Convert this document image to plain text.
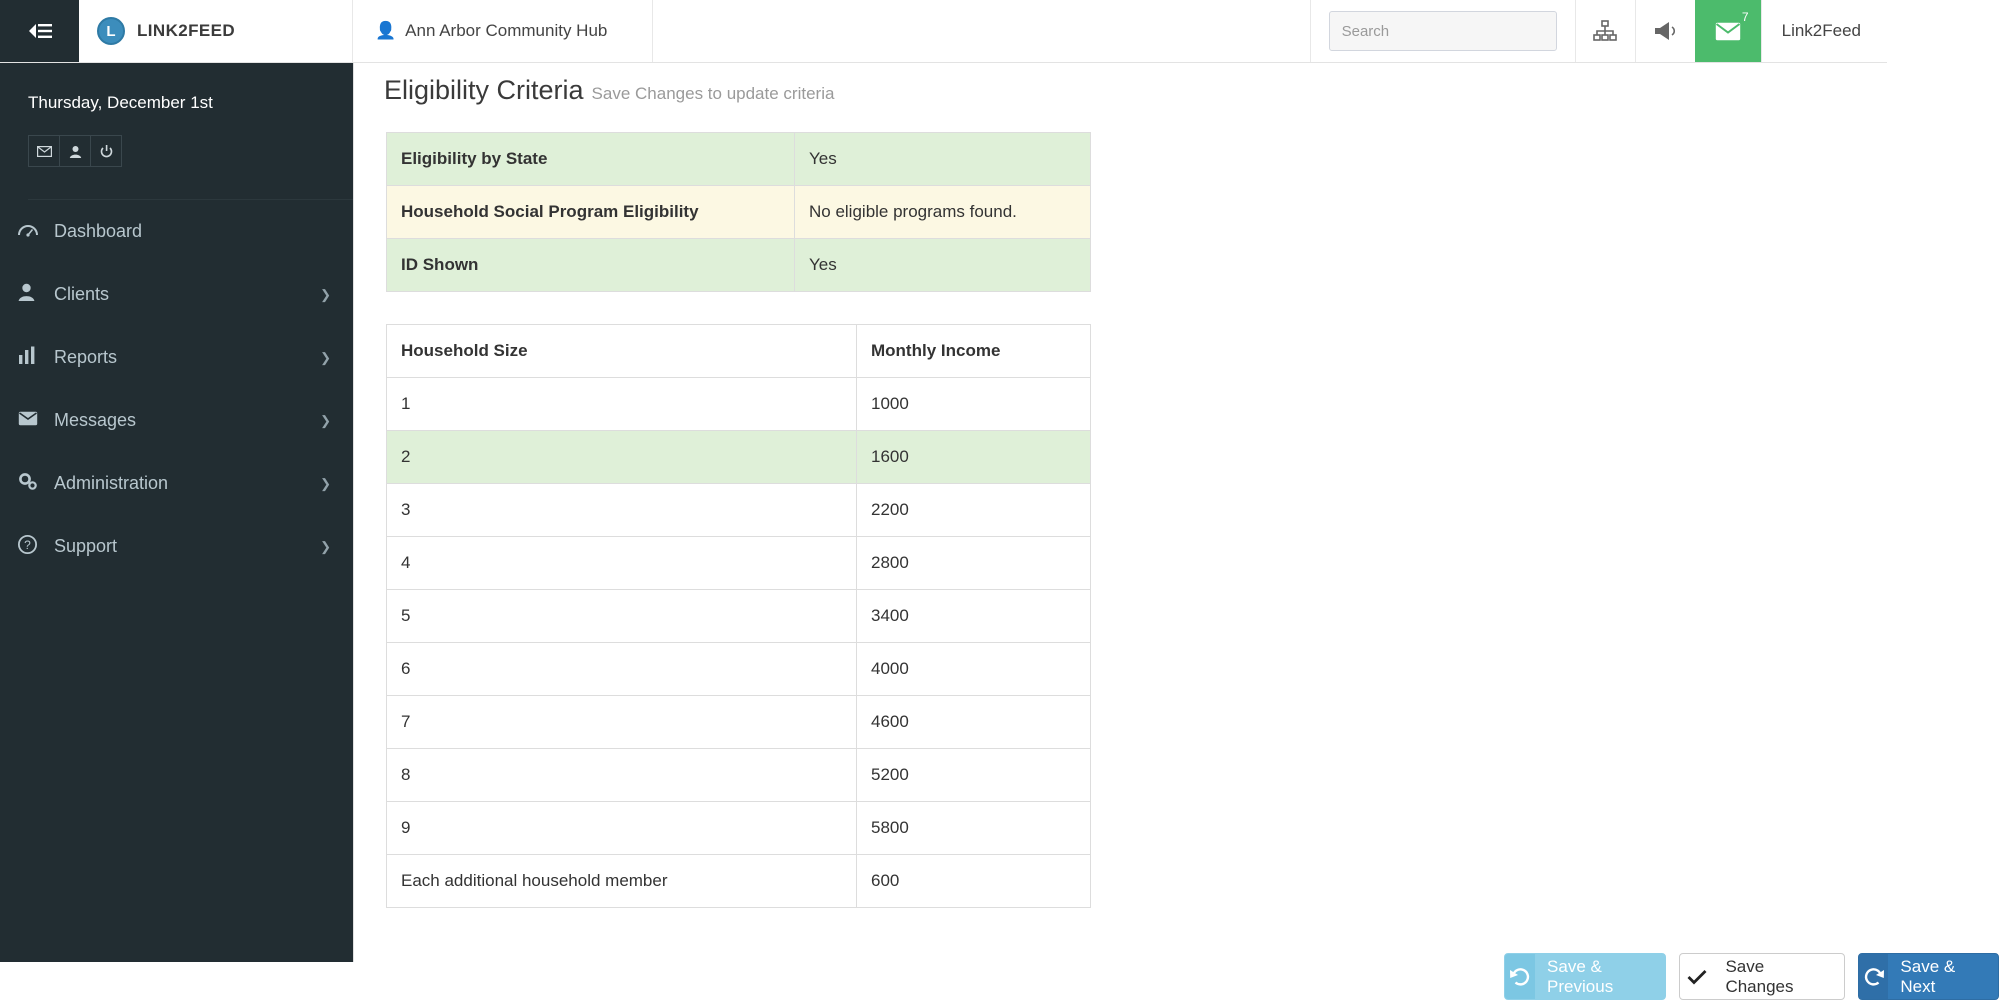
L	LINK2FEED	👤 Ann Arbor Community Hub
Search
7
Link2Feed
Thursday, December 1st
Dashboard
Clients	❯
Reports	❯
Messages	❯
Administration	❯
? Support	❯
Eligibility Criteria Save Changes to update criteria
Eligibility by State	Yes
Household Social Program Eligibility	No eligible programs found.
ID Shown	Yes
Household Size	Monthly Income
1	1000
2	1600
3	2200
4	2800
5	3400
6	4000
7	4600
8	5200
9	5800
Each additional household member	600
Save & Previous
Save Changes
Save & Next
